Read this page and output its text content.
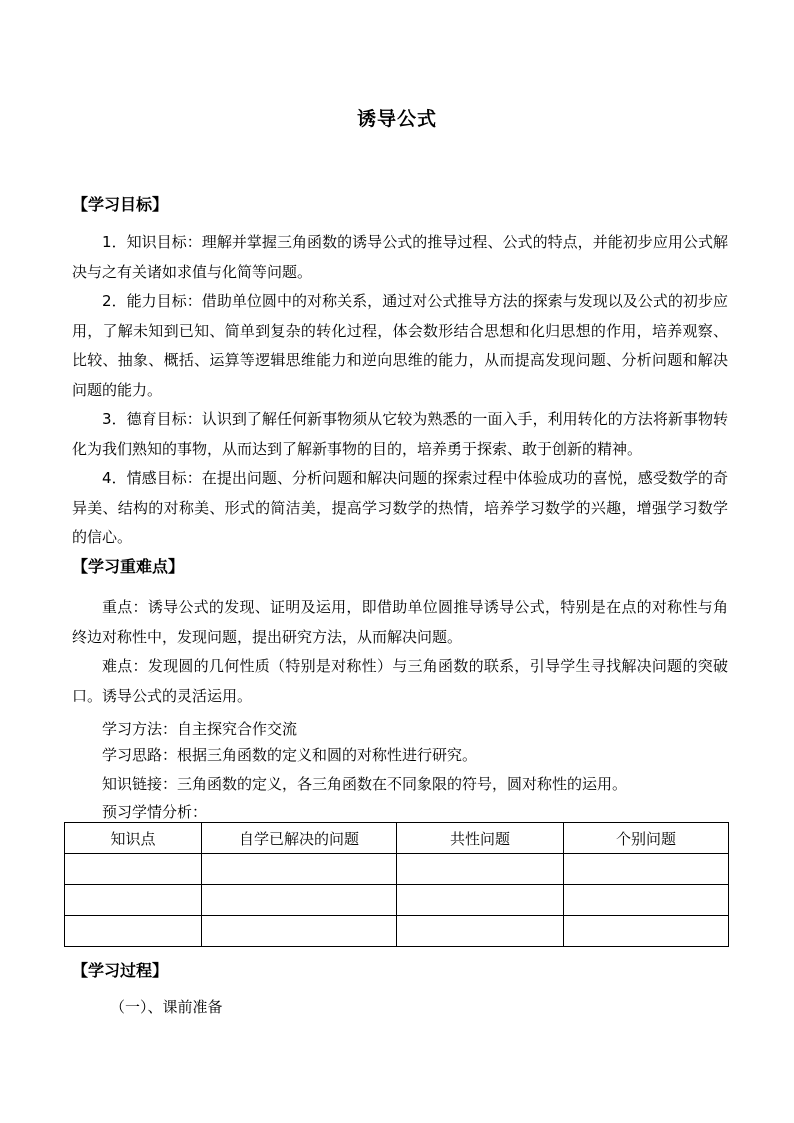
诱导公式
【学习目标】

1．知识目标：理解并掌握三角函数的诱导公式的推导过程、公式的特点，并能初步应用公式解决与之有关诸如求值与化简等问题。

2．能力目标：借助单位圆中的对称关系，通过对公式推导方法的探索与发现以及公式的初步应用，了解未知到已知、简单到复杂的转化过程，体会数形结合思想和化归思想的作用，培养观察、比较、抽象、概括、运算等逻辑思维能力和逆向思维的能力，从而提高发现问题、分析问题和解决问题的能力。

3．德育目标：认识到了解任何新事物须从它较为熟悉的一面入手，利用转化的方法将新事物转化为我们熟知的事物，从而达到了解新事物的目的，培养勇于探索、敢于创新的精神。

4．情感目标：在提出问题、分析问题和解决问题的探索过程中体验成功的喜悦，感受数学的奇异美、结构的对称美、形式的简洁美，提高学习数学的热情，培养学习数学的兴趣，增强学习数学的信心。

【学习重难点】

重点：诱导公式的发现、证明及运用，即借助单位圆推导诱导公式，特别是在点的对称性与角终边对称性中，发现问题，提出研究方法，从而解决问题。

难点：发现圆的几何性质（特别是对称性）与三角函数的联系，引导学生寻找解决问题的突破口。诱导公式的灵活运用。

学习方法：自主探究合作交流
学习思路：根据三角函数的定义和圆的对称性进行研究。
知识链接：三角函数的定义，各三角函数在不同象限的符号，圆对称性的运用。
预习学情分析：
知识点	自学已解决的问题	共性问题	个别问题

【学习过程】
（一）、课前准备
